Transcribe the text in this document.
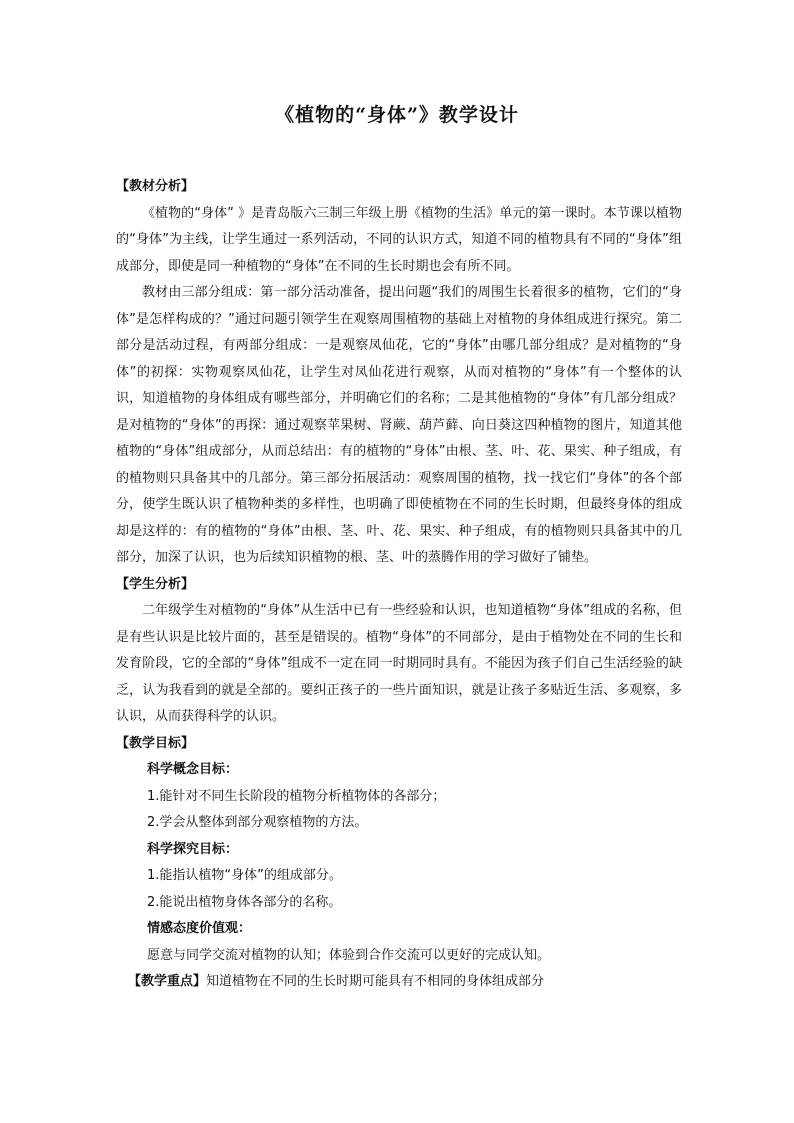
《植物的“身体”》教学设计
【教材分析】
《植物的“身体” 》是青岛版六三制三年级上册《植物的生活》单元的第一课时。本节课以植物的“身体”为主线，让学生通过一系列活动，不同的认识方式，知道不同的植物具有不同的“身体”组成部分，即使是同一种植物的“身体”在不同的生长时期也会有所不同。
教材由三部分组成：第一部分活动准备，提出问题“我们的周围生长着很多的植物，它们的“身体”是怎样构成的？”通过问题引领学生在观察周围植物的基础上对植物的身体组成进行探究。第二部分是活动过程，有两部分组成：一是观察凤仙花，它的“身体”由哪几部分组成？是对植物的“身体”的初探：实物观察凤仙花，让学生对凤仙花进行观察，从而对植物的“身体”有一个整体的认识，知道植物的身体组成有哪些部分，并明确它们的名称；二是其他植物的“身体”有几部分组成？是对植物的“身体”的再探：通过观察苹果树、肾蕨、葫芦藓、向日葵这四种植物的图片，知道其他植物的“身体”组成部分，从而总结出：有的植物的“身体”由根、茎、叶、花、果实、种子组成，有的植物则只具备其中的几部分。第三部分拓展活动：观察周围的植物，找一找它们“身体”的各个部分，使学生既认识了植物种类的多样性，也明确了即使植物在不同的生长时期，但最终身体的组成却是这样的：有的植物的“身体”由根、茎、叶、花、果实、种子组成，有的植物则只具备其中的几部分，加深了认识，也为后续知识植物的根、茎、叶的蒸腾作用的学习做好了铺垫。
【学生分析】
二年级学生对植物的“身体”从生活中已有一些经验和认识，也知道植物“身体”组成的名称，但是有些认识是比较片面的，甚至是错误的。植物“身体”的不同部分，是由于植物处在不同的生长和发育阶段，它的全部的“身体”组成不一定在同一时期同时具有。不能因为孩子们自己生活经验的缺乏，认为我看到的就是全部的。要纠正孩子的一些片面知识，就是让孩子多贴近生活、多观察，多认识，从而获得科学的认识。
【教学目标】
科学概念目标：
1.能针对不同生长阶段的植物分析植物体的各部分；
2.学会从整体到部分观察植物的方法。
科学探究目标：
1.能指认植物“身体”的组成部分。
2.能说出植物身体各部分的名称。
情感态度价值观：
愿意与同学交流对植物的认知；体验到合作交流可以更好的完成认知。
【教学重点】知道植物在不同的生长时期可能具有不相同的身体组成部分
